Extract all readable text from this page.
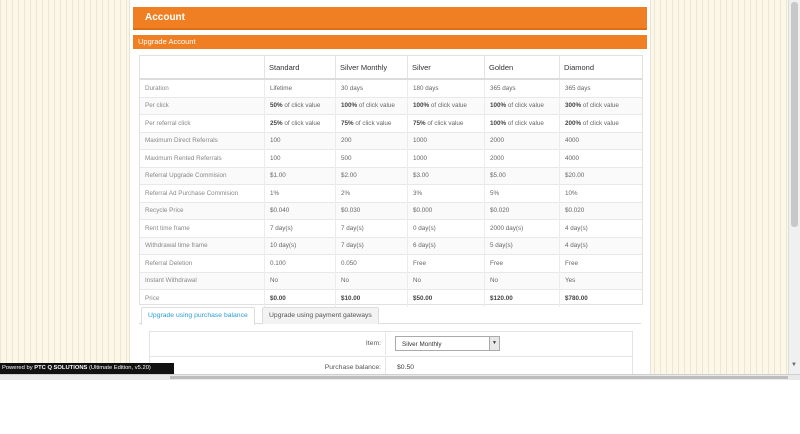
Account
Upgrade Account
	Standard	Silver Monthly	Silver	Golden	Diamond
Duration	Lifetime	30 days	180 days	365 days	365 days
Per click	50% of click value	100% of click value	100% of click value	100% of click value	300% of click value
Per referral click	25% of click value	75% of click value	75% of click value	100% of click value	200% of click value
Maximum Direct Referrals	100	200	1000	2000	4000
Maximum Rented Referrals	100	500	1000	2000	4000
Referral Upgrade Commision	$1.00	$2.00	$3.00	$5.00	$20.00
Referral Ad Purchase Commision	1%	2%	3%	5%	10%
Recycle Price	$0.040	$0.030	$0.000	$0.020	$0.020
Rent time frame	7 day(s)	7 day(s)	0 day(s)	2000 day(s)	4 day(s)
Withdrawal time frame	10 day(s)	7 day(s)	6 day(s)	5 day(s)	4 day(s)
Referral Deletion	0.100	0.050	Free	Free	Free
Instant Withdrawal	No	No	No	No	Yes
Price	$0.00	$10.00	$50.00	$120.00	$780.00
Upgrade using purchase balance	Upgrade using payment gateways
Item:	Silver Monthly	▼
Purchase balance:	$0.50	▼
Powered by PTC Q SOLUTIONS (Ultimate Edition, v5.20)
